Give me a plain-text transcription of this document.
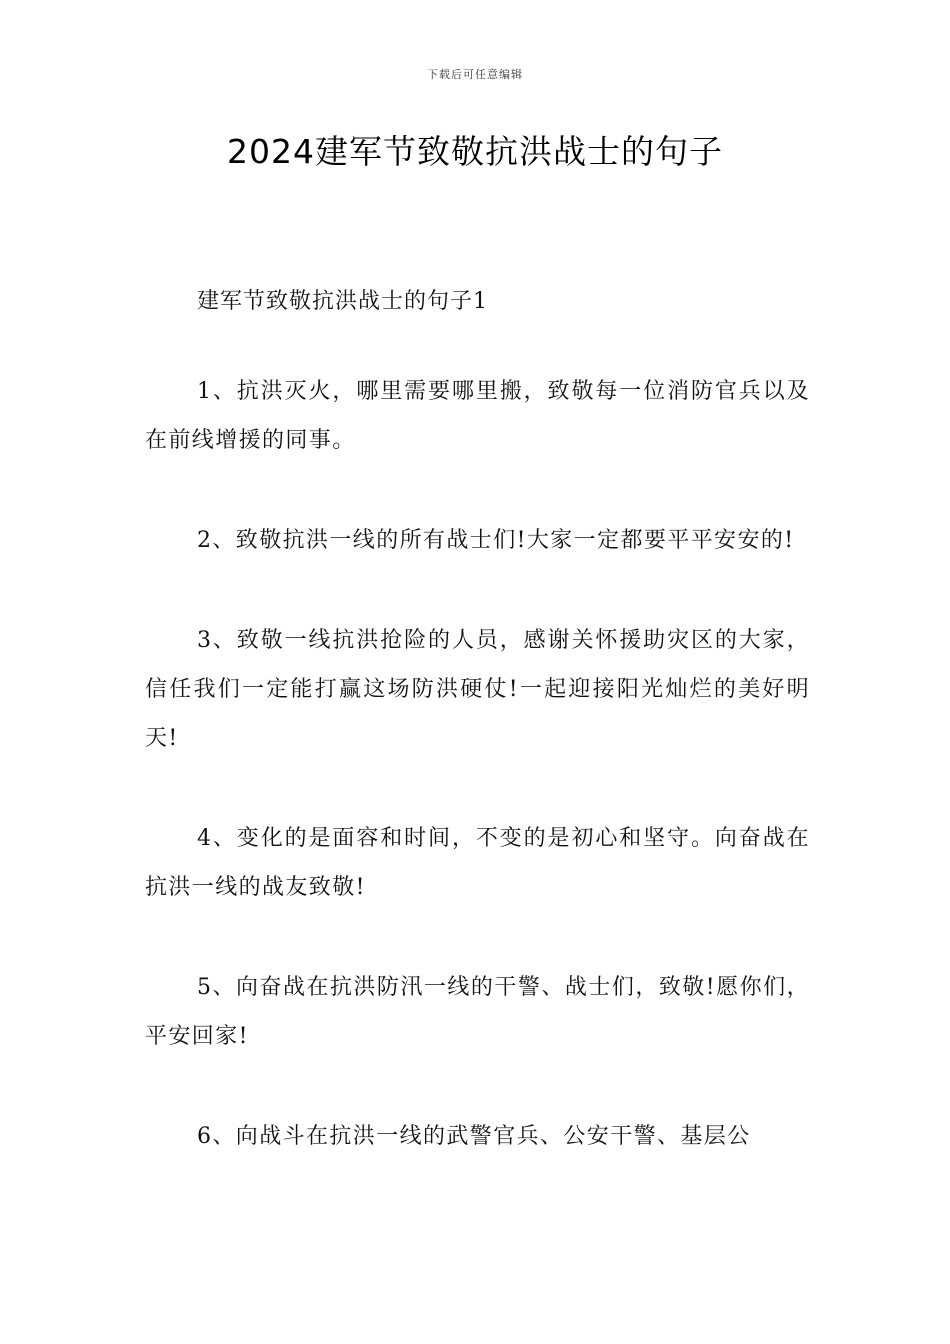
下载后可任意编辑
2024建军节致敬抗洪战士的句子

建军节致敬抗洪战士的句子1

1、抗洪灭火，哪里需要哪里搬，致敬每一位消防官兵以及在前线增援的同事。

2、致敬抗洪一线的所有战士们!大家一定都要平平安安的!

3、致敬一线抗洪抢险的人员，感谢关怀援助灾区的大家，信任我们一定能打赢这场防洪硬仗!一起迎接阳光灿烂的美好明天!

4、变化的是面容和时间，不变的是初心和坚守。向奋战在抗洪一线的战友致敬!

5、向奋战在抗洪防汛一线的干警、战士们，致敬!愿你们，平安回家!

6、向战斗在抗洪一线的武警官兵、公安干警、基层公
